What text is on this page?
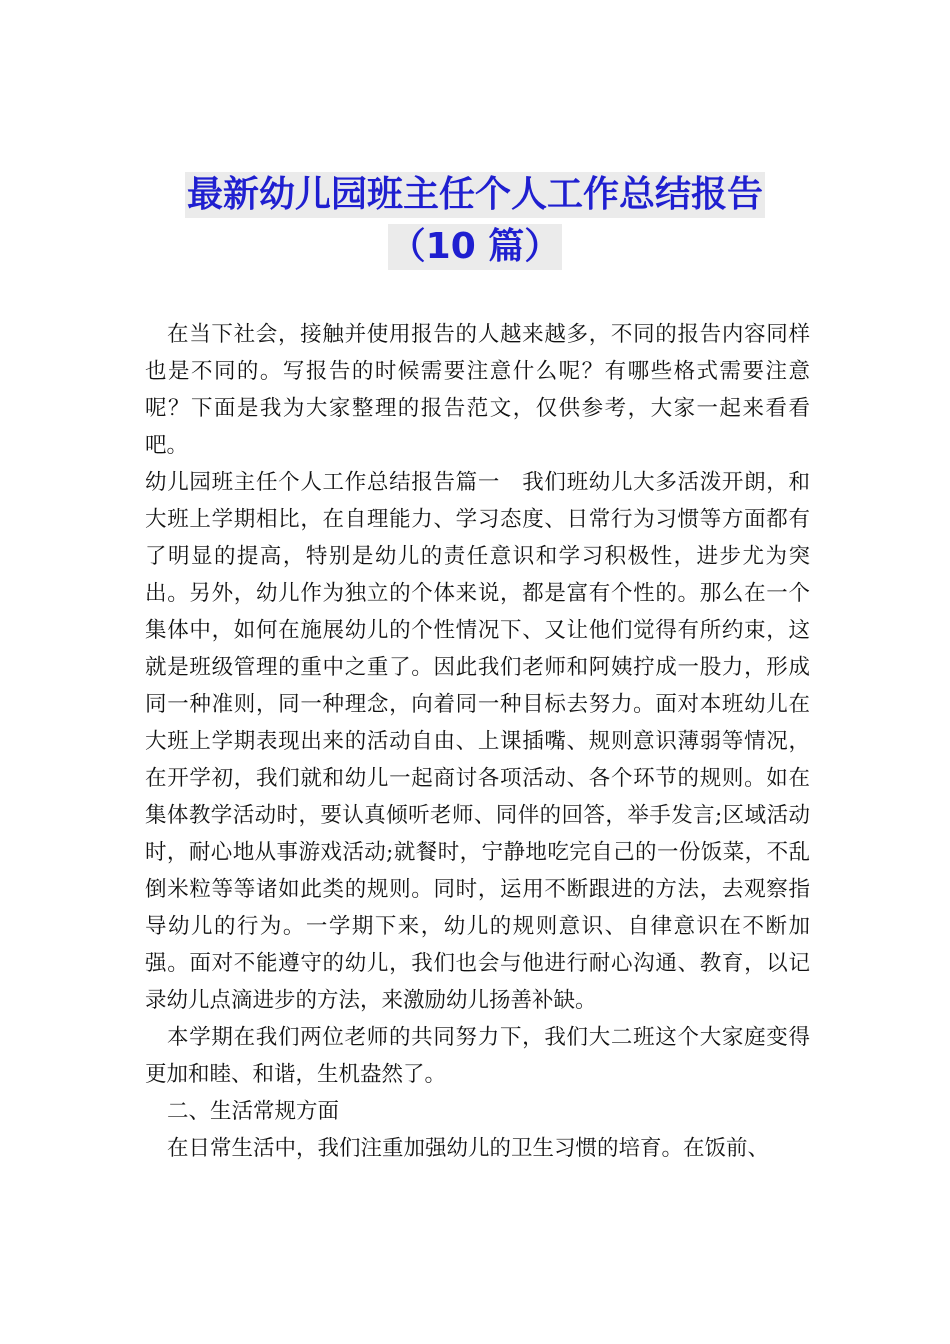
最新幼儿园班主任个人工作总结报告
（10 篇）

在当下社会，接触并使用报告的人越来越多，不同的报告内容同样也是不同的。写报告的时候需要注意什么呢？有哪些格式需要注意呢？下面是我为大家整理的报告范文，仅供参考，大家一起来看看吧。

幼儿园班主任个人工作总结报告篇一　我们班幼儿大多活泼开朗，和大班上学期相比，在自理能力、学习态度、日常行为习惯等方面都有了明显的提高，特别是幼儿的责任意识和学习积极性，进步尤为突出。另外，幼儿作为独立的个体来说，都是富有个性的。那么在一个集体中，如何在施展幼儿的个性情况下、又让他们觉得有所约束，这就是班级管理的重中之重了。因此我们老师和阿姨拧成一股力，形成同一种准则，同一种理念，向着同一种目标去努力。面对本班幼儿在大班上学期表现出来的活动自由、上课插嘴、规则意识薄弱等情况，在开学初，我们就和幼儿一起商讨各项活动、各个环节的规则。如在集体教学活动时，要认真倾听老师、同伴的回答，举手发言;区域活动时，耐心地从事游戏活动;就餐时，宁静地吃完自己的一份饭菜，不乱倒米粒等等诸如此类的规则。同时，运用不断跟进的方法，去观察指导幼儿的行为。一学期下来，幼儿的规则意识、自律意识在不断加强。面对不能遵守的幼儿，我们也会与他进行耐心沟通、教育，以记录幼儿点滴进步的方法，来激励幼儿扬善补缺。

本学期在我们两位老师的共同努力下，我们大二班这个大家庭变得更加和睦、和谐，生机盎然了。

二、生活常规方面

在日常生活中，我们注重加强幼儿的卫生习惯的培育。在饭前、
